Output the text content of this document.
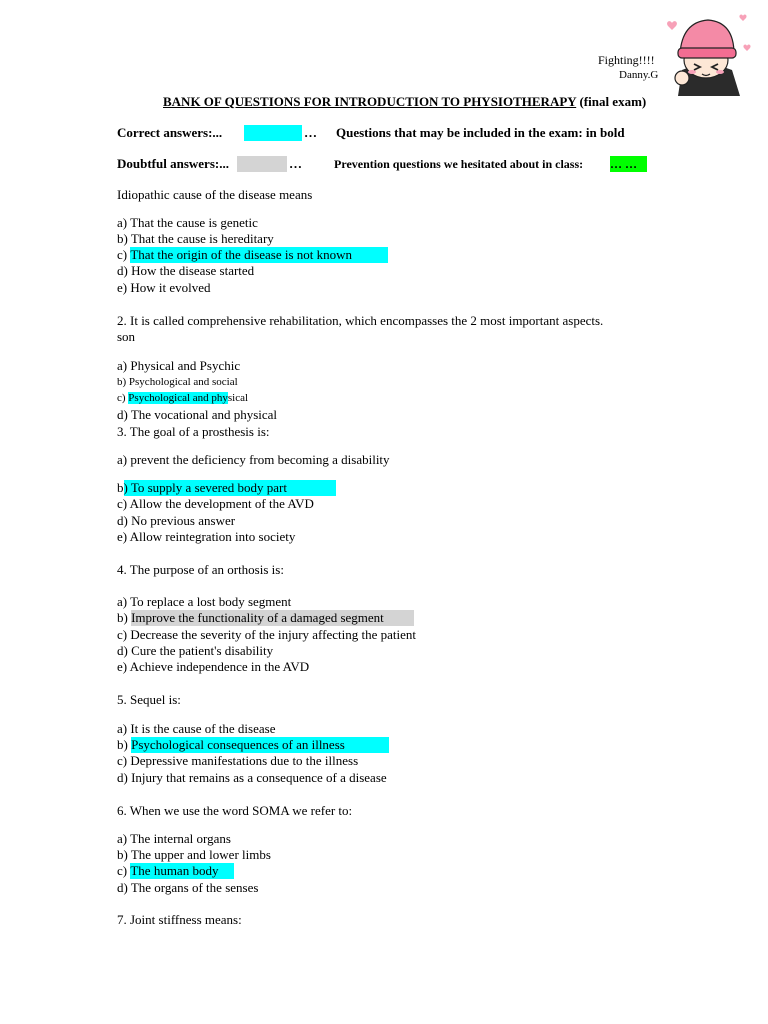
Fighting!!!!
Danny.G
BANK OF QUESTIONS FOR INTRODUCTION TO PHYSIOTHERAPY (final exam)
Correct answers:...	… Questions that may be included in the exam: in bold
Doubtful answers:...	…	Prevention questions we hesitated about in class: … …
Idiopathic cause of the disease means
a) That the cause is genetic
b) That the cause is hereditary
c) That the origin of the disease is not known
d) How the disease started
e) How it evolved
2. It is called comprehensive rehabilitation, which encompasses the 2 most important aspects.
son
a) Physical and Psychic
b) Psychological and social
c) Psychological and physical
d) The vocational and physical
3. The goal of a prosthesis is:
a) prevent the deficiency from becoming a disability
b) To supply a severed body part
c) Allow the development of the AVD
d) No previous answer
e) Allow reintegration into society
4. The purpose of an orthosis is:
a) To replace a lost body segment
b) Improve the functionality of a damaged segment
c) Decrease the severity of the injury affecting the patient
d) Cure the patient's disability
e) Achieve independence in the AVD
5. Sequel is:
a) It is the cause of the disease
b) Psychological consequences of an illness
c) Depressive manifestations due to the illness
d) Injury that remains as a consequence of a disease
6. When we use the word SOMA we refer to:
a) The internal organs
b) The upper and lower limbs
c) The human body
d) The organs of the senses
7. Joint stiffness means:
